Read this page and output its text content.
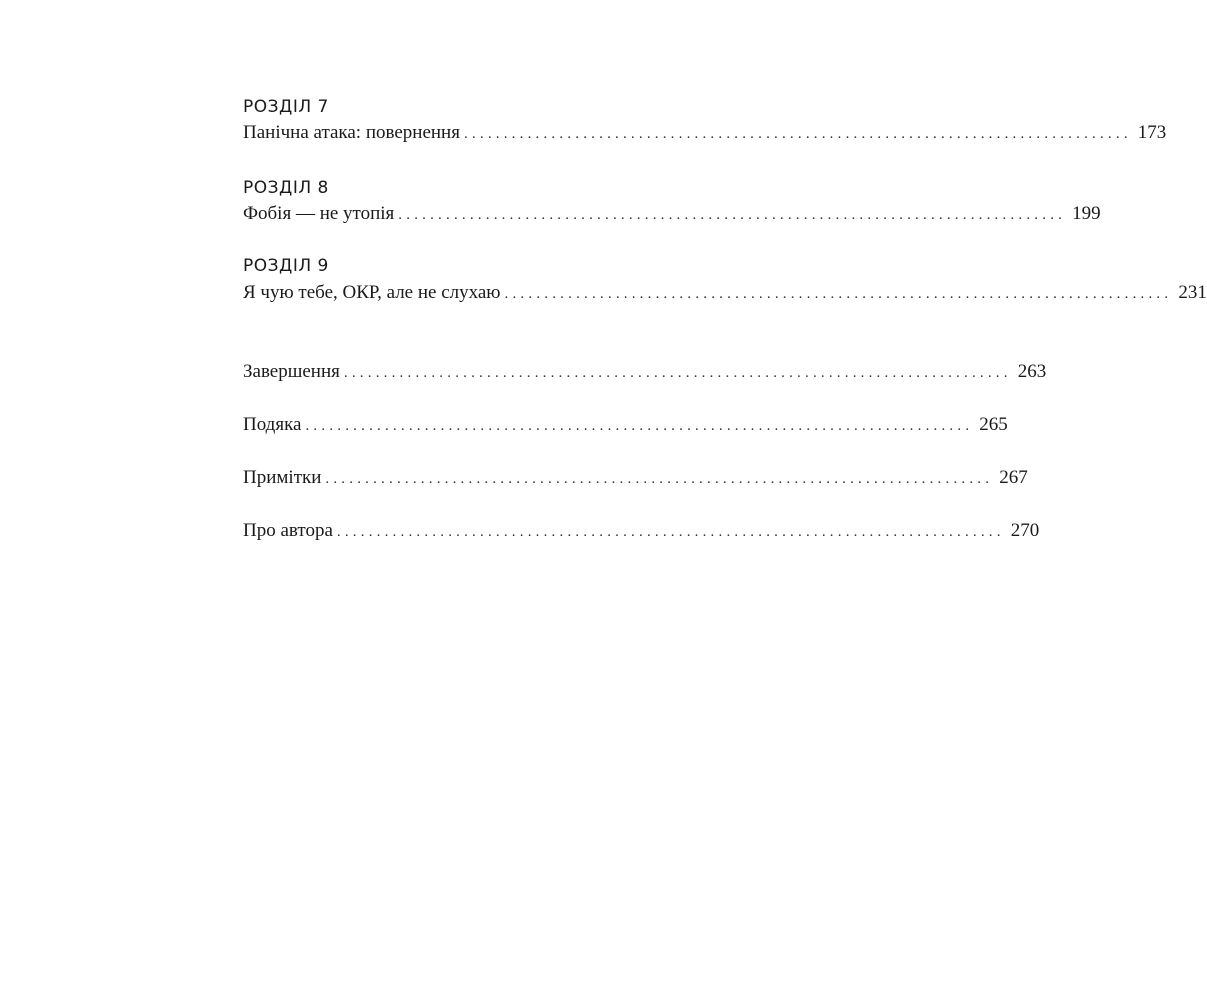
РОЗДІЛ 7
Панічна атака: повернення .................................................................................... 173
РОЗДІЛ 8
Фобія — не утопія .................................................................................... 199
РОЗДІЛ 9
Я чую тебе, ОКР, але не слухаю .................................................................................... 231
Завершення .................................................................................... 263
Подяка .................................................................................... 265
Примітки .................................................................................... 267
Про автора .................................................................................... 270
